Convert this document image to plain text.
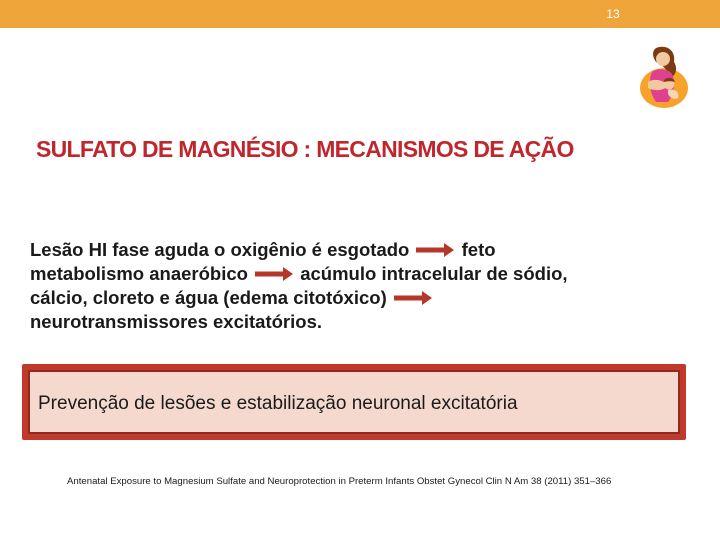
13
SULFATO DE MAGNÉSIO : MECANISMOS DE AÇÃO
Lesão HI fase aguda o oxigênio é esgotado	feto
metabolismo anaeróbico	acúmulo intracelular de sódio,
cálcio, cloreto e água (edema citotóxico)
neurotransmissores excitatórios.
Prevenção de lesões e estabilização neuronal excitatória
Antenatal Exposure to Magnesium Sulfate and Neuroprotection in Preterm Infants Obstet Gynecol Clin N Am 38 (2011) 351–366
